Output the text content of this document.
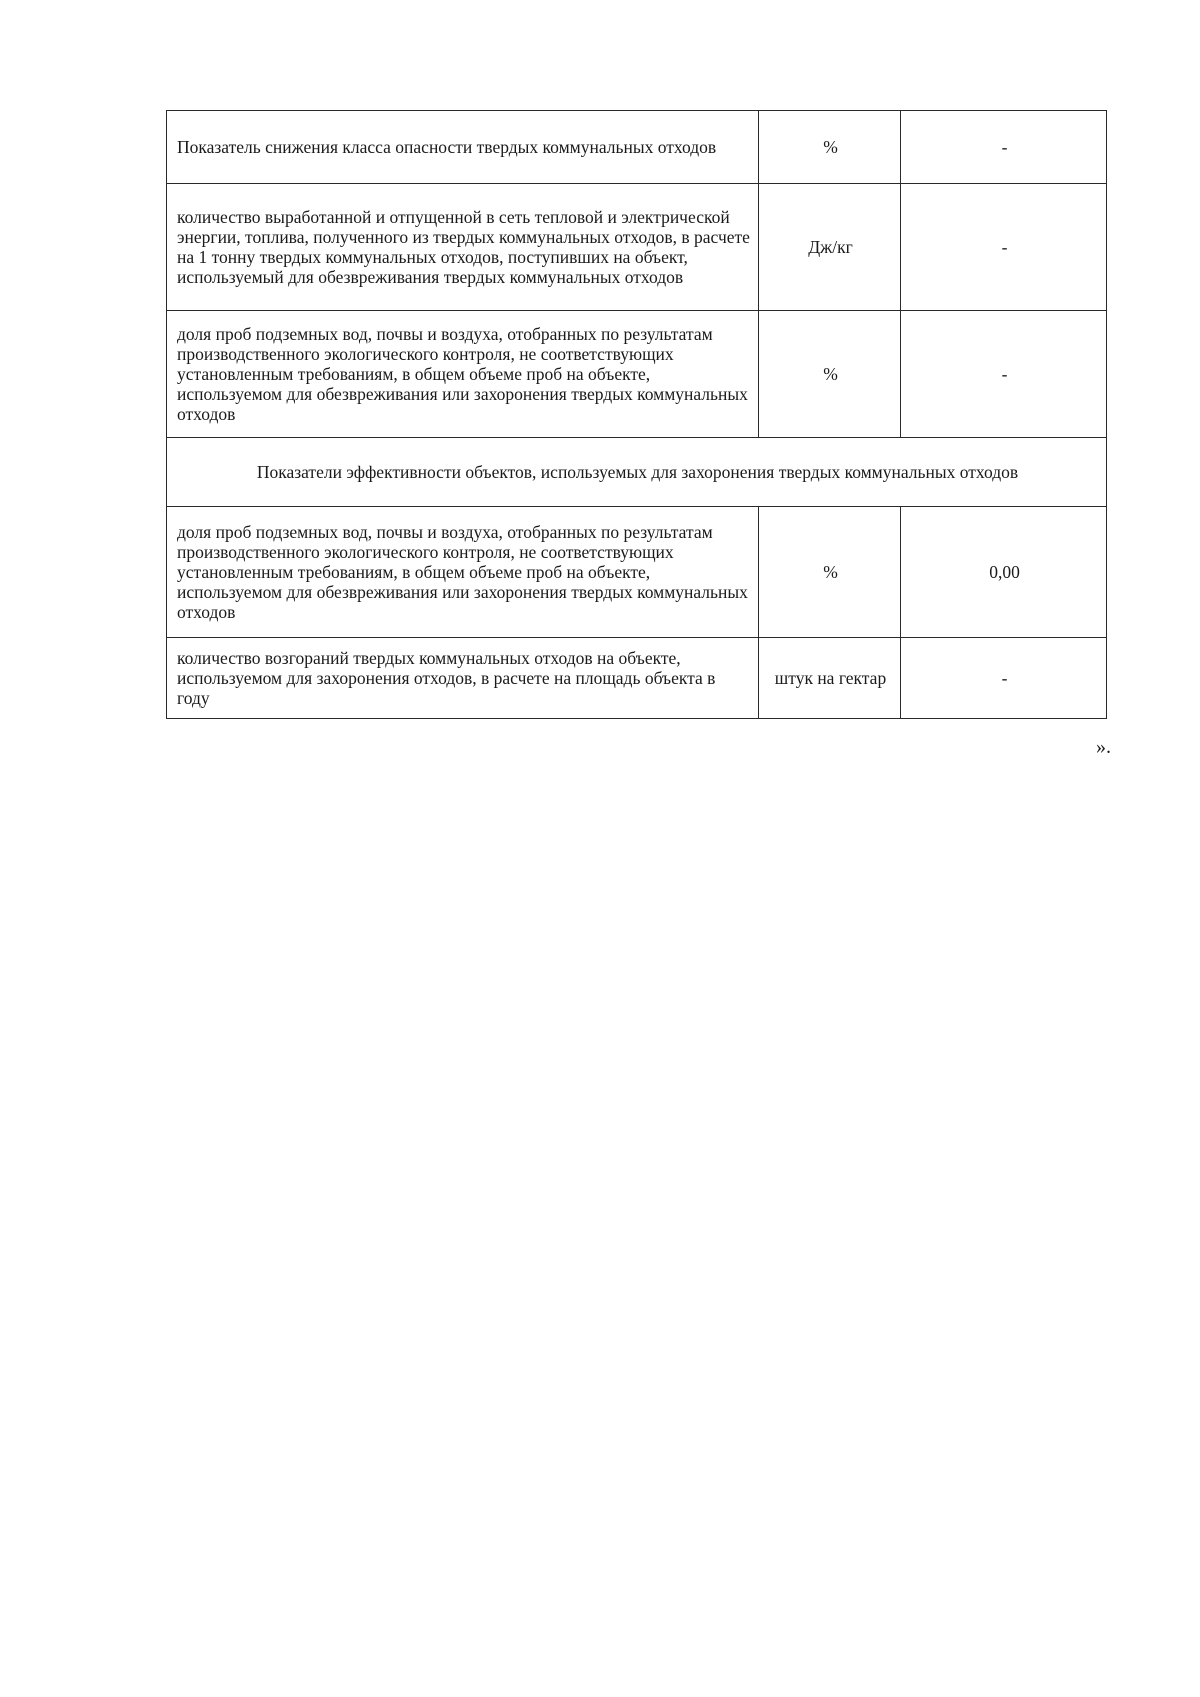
Показатель снижения класса опасности твердых коммунальных отходов	%	-
количество выработанной и отпущенной в сеть тепловой и электрической энергии, топлива, полученного из твердых коммунальных отходов, в расчете на 1 тонну твердых коммунальных отходов, поступивших на объект, используемый для обезвреживания твердых коммунальных отходов	Дж/кг	-
доля проб подземных вод, почвы и воздуха, отобранных по результатам производственного экологического контроля, не соответствующих установленным требованиям, в общем объеме проб на объекте, используемом для обезвреживания или захоронения твердых коммунальных отходов	%	-
Показатели эффективности объектов, используемых для захоронения твердых коммунальных отходов		
доля проб подземных вод, почвы и воздуха, отобранных по результатам производственного экологического контроля, не соответствующих установленным требованиям, в общем объеме проб на объекте, используемом для обезвреживания или захоронения твердых коммунальных отходов	%	0,00
количество возгораний твердых коммунальных отходов на объекте, используемом для захоронения отходов, в расчете на площадь объекта в году	штук на гектар	-
».
